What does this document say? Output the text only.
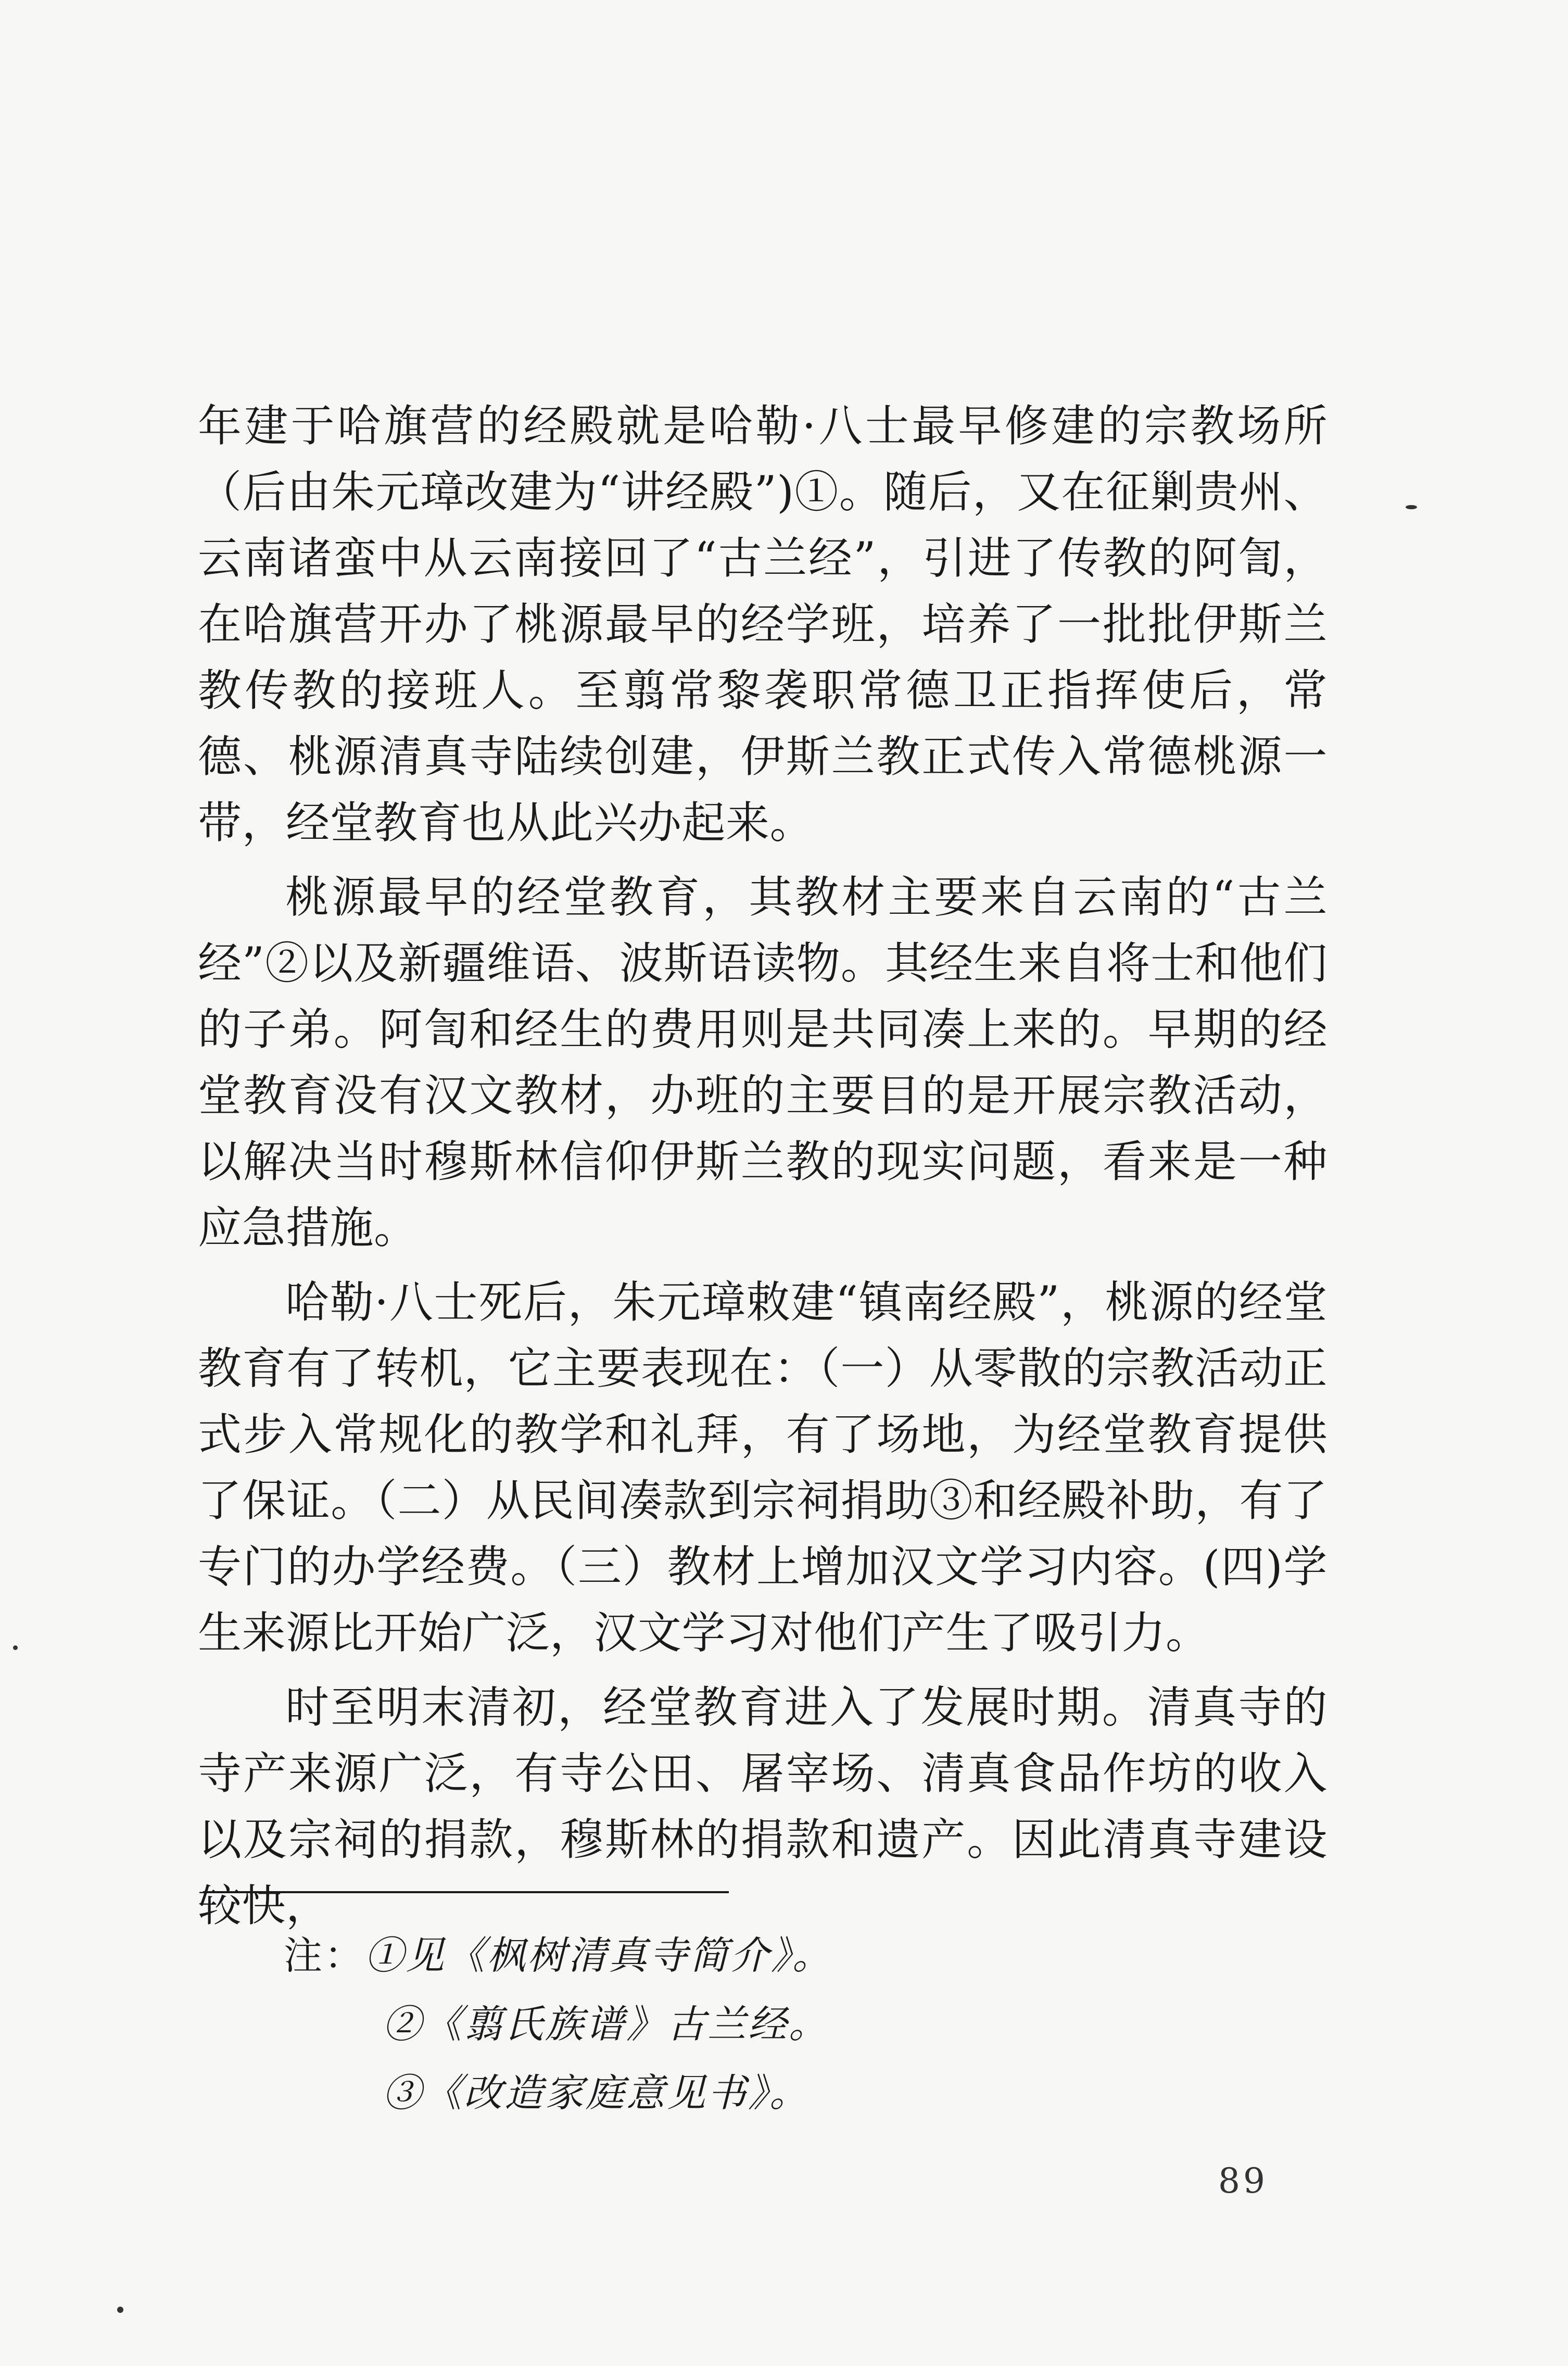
年建于哈旗营的经殿就是哈勒·八士最早修建的宗教场所（后由朱元璋改建为“讲经殿”)①。随后，又在征剿贵州、云南诸蛮中从云南接回了“古兰经”，引进了传教的阿訇，在哈旗营开办了桃源最早的经学班，培养了一批批伊斯兰教传教的接班人。至翦常黎袭职常德卫正指挥使后，常德、桃源清真寺陆续创建，伊斯兰教正式传入常德桃源一带，经堂教育也从此兴办起来。

桃源最早的经堂教育，其教材主要来自云南的“古兰经”②以及新疆维语、波斯语读物。其经生来自将士和他们的子弟。阿訇和经生的费用则是共同凑上来的。早期的经堂教育没有汉文教材，办班的主要目的是开展宗教活动，以解决当时穆斯林信仰伊斯兰教的现实问题，看来是一种应急措施。

哈勒·八士死后，朱元璋敕建“镇南经殿”，桃源的经堂教育有了转机，它主要表现在：（一）从零散的宗教活动正式步入常规化的教学和礼拜，有了场地，为经堂教育提供了保证。（二）从民间凑款到宗祠捐助③和经殿补助，有了专门的办学经费。（三）教材上增加汉文学习内容。(四)学生来源比开始广泛，汉文学习对他们产生了吸引力。

时至明末清初，经堂教育进入了发展时期。清真寺的寺产来源广泛，有寺公田、屠宰场、清真食品作坊的收入以及宗祠的捐款，穆斯林的捐款和遗产。因此清真寺建设较快，

注：①见《枫树清真寺简介》。
②《翦氏族谱》古兰经。
③《改造家庭意见书》。
89
